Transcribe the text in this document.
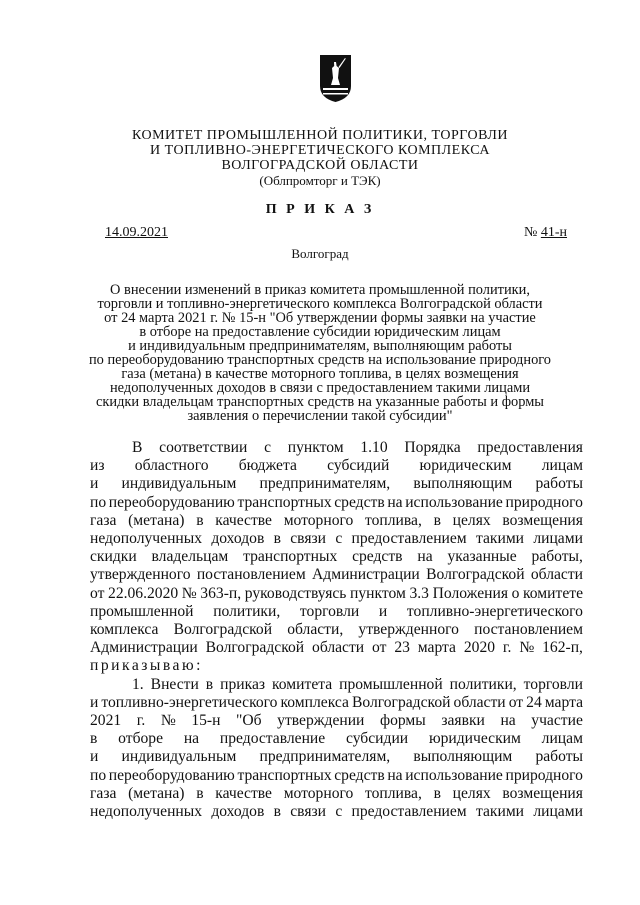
КОМИТЕТ ПРОМЫШЛЕННОЙ ПОЛИТИКИ, ТОРГОВЛИ
И ТОПЛИВНО-ЭНЕРГЕТИЧЕСКОГО КОМПЛЕКСА
ВОЛГОГРАДСКОЙ ОБЛАСТИ
(Облпромторг и ТЭК)
П Р И К А З
14.09.2021	№ 41-н
Волгоград
О внесении изменений в приказ комитета промышленной политики,
торговли и топливно-энергетического комплекса Волгоградской области
от 24 марта 2021 г. № 15-н "Об утверждении формы заявки на участие
в отборе на предоставление субсидии юридическим лицам
и индивидуальным предпринимателям, выполняющим работы
по переоборудованию транспортных средств на использование природного
газа (метана) в качестве моторного топлива, в целях возмещения
недополученных доходов в связи с предоставлением такими лицами
скидки владельцам транспортных средств на указанные работы и формы
заявления о перечислении такой субсидии"
В соответствии с пунктом 1.10 Порядка предоставления
из областного бюджета субсидий юридическим лицам
и индивидуальным предпринимателям, выполняющим работы
по переоборудованию транспортных средств на использование природного
газа (метана) в качестве моторного топлива, в целях возмещения
недополученных доходов в связи с предоставлением такими лицами
скидки владельцам транспортных средств на указанные работы,
утвержденного постановлением Администрации Волгоградской области
от 22.06.2020 № 363-п, руководствуясь пунктом 3.3 Положения о комитете
промышленной политики, торговли и топливно-энергетического
комплекса Волгоградской области, утвержденного постановлением
Администрации Волгоградской области от 23 марта 2020 г. № 162-п,
приказываю:
1. Внести в приказ комитета промышленной политики, торговли
и топливно-энергетического комплекса Волгоградской области от 24 марта
2021 г. № 15-н "Об утверждении формы заявки на участие
в отборе на предоставление субсидии юридическим лицам
и индивидуальным предпринимателям, выполняющим работы
по переоборудованию транспортных средств на использование природного
газа (метана) в качестве моторного топлива, в целях возмещения
недополученных доходов в связи с предоставлением такими лицами
